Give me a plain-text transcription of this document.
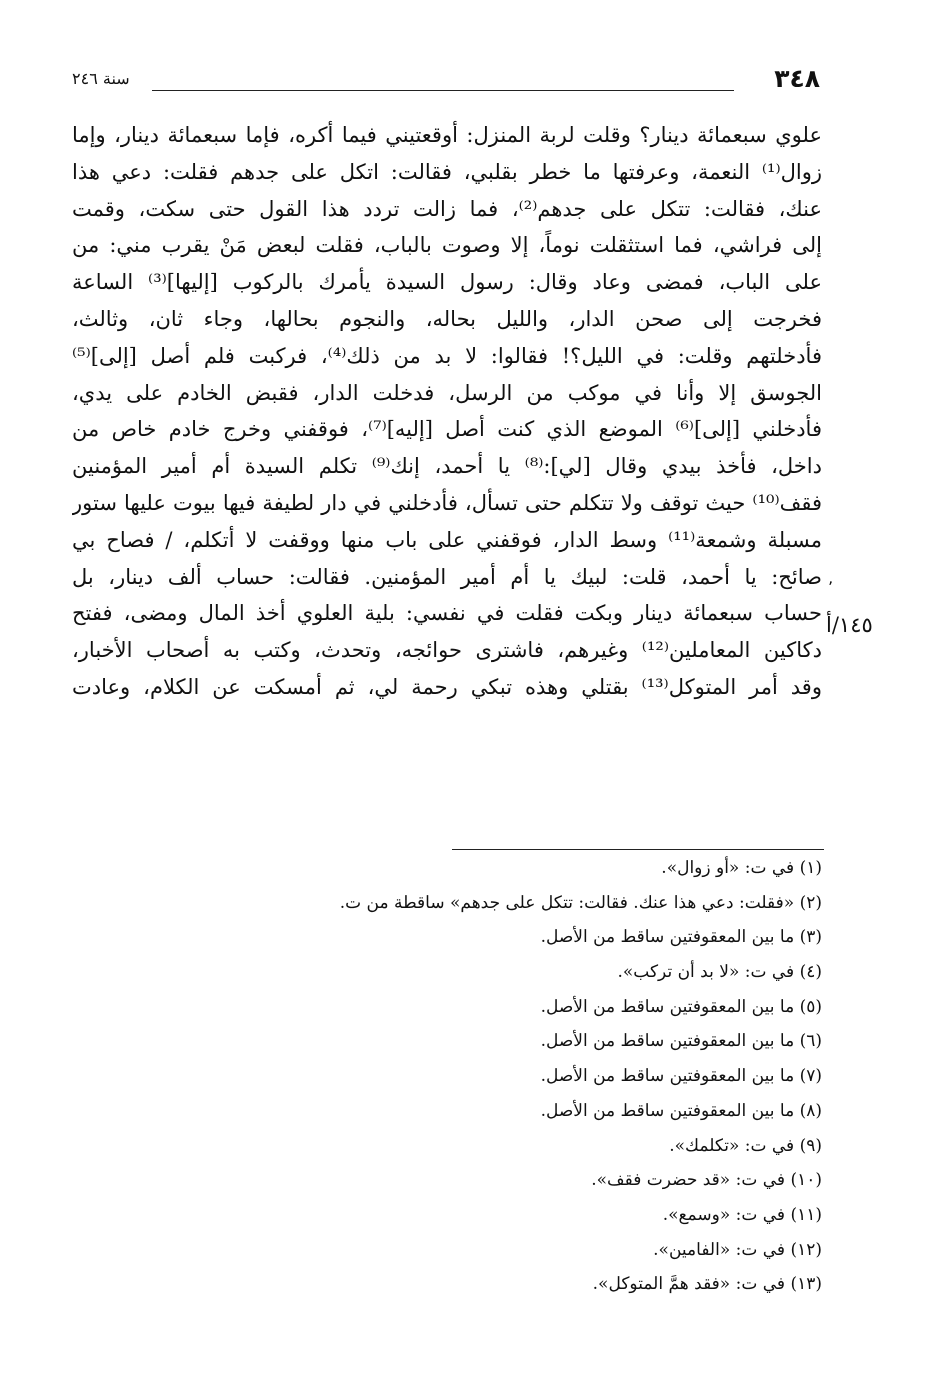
٣٤٨
سنة ٢٤٦
علوي سبعمائة دينار؟ وقلت لربة المنزل: أوقعتيني فيما أكره، فإما سبعمائة دينار، وإما
زوال⁽¹⁾ النعمة، وعرفتها ما خطر بقلبي، فقالت: اتكل على جدهم فقلت: دعي هذا
عنك، فقالت: تتكل على جدهم⁽²⁾، فما زالت تردد هذا القول حتى سكت، وقمت
إلى فراشي، فما استثقلت نوماً، إلا وصوت بالباب، فقلت لبعض مَنْ يقرب مني: من
على الباب، فمضى وعاد وقال: رسول السيدة يأمرك بالركوب [إليها]⁽³⁾ الساعة
فخرجت إلى صحن الدار، والليل بحاله، والنجوم بحالها، وجاء ثان، وثالث،
فأدخلتهم وقلت: في الليل؟! فقالوا: لا بد من ذلك⁽⁴⁾، فركبت فلم أصل [إلى]⁽⁵⁾
الجوسق إلا وأنا في موكب من الرسل، فدخلت الدار، فقبض الخادم على يدي،
فأدخلني [إلى]⁽⁶⁾ الموضع الذي كنت أصل [إليه]⁽⁷⁾، فوقفني وخرج خادم خاص من
داخل، فأخذ بيدي وقال [لي]:⁽⁸⁾ يا أحمد، إنك⁽⁹⁾ تكلم السيدة أم أمير المؤمنين
فقف⁽¹⁰⁾ حيث توقف ولا تتكلم حتى تسأل، فأدخلني في دار لطيفة فيها بيوت عليها ستور
مسبلة وشمعة⁽¹¹⁾ وسط الدار، فوقفني على باب منها ووقفت لا أتكلم، / فصاح بي
صائح: يا أحمد، قلت: لبيك يا أم أمير المؤمنين. فقالت: حساب ألف دينار، بل
حساب سبعمائة دينار وبكت فقلت في نفسي: بلية العلوي أخذ المال ومضى، ففتح
دكاكين المعاملين⁽¹²⁾ وغيرهم، فاشترى حوائجه، وتحدث، وكتب به أصحاب الأخبار،
وقد أمر المتوكل⁽¹³⁾ بقتلي وهذه تبكي رحمة لي، ثم أمسكت عن الكلام، وعادت
٬
١٤٥/أ
(١) في ت: «أو زوال».
(٢) «فقلت: دعي هذا عنك. فقالت: تتكل على جدهم» ساقطة من ت.
(٣) ما بين المعقوفتين ساقط من الأصل.
(٤) في ت: «لا بد أن تركب».
(٥) ما بين المعقوفتين ساقط من الأصل.
(٦) ما بين المعقوفتين ساقط من الأصل.
(٧) ما بين المعقوفتين ساقط من الأصل.
(٨) ما بين المعقوفتين ساقط من الأصل.
(٩) في ت: «تكلمك».
(١٠) في ت: «قد حضرت فقف».
(١١) في ت: «وسمع».
(١٢) في ت: «الفامين».
(١٣) في ت: «فقد همَّ المتوكل».
